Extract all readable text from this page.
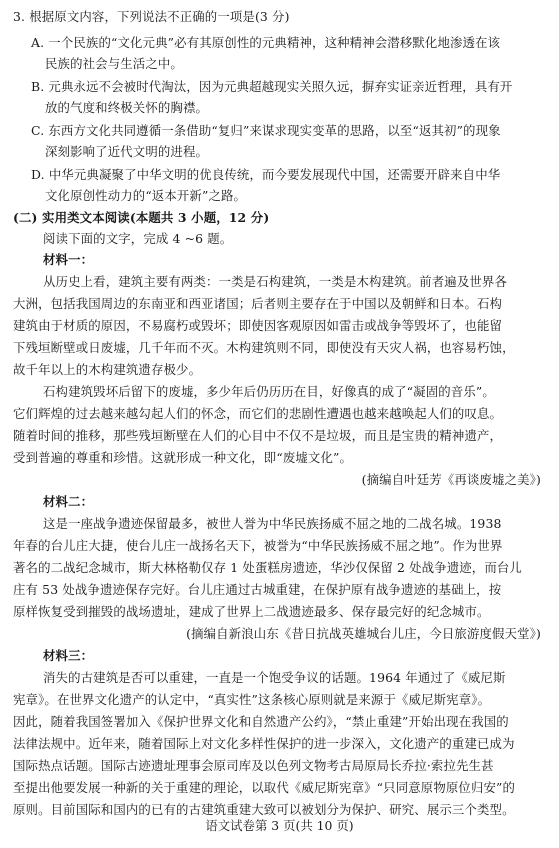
3. 根据原文内容，下列说法不正确的一项是(3 分)
A. 一个民族的“文化元典”必有其原创性的元典精神，这种精神会潜移默化地渗透在该
民族的社会与生活之中。
B. 元典永远不会被时代淘汰，因为元典超越现实关照久远，摒弃实证亲近哲理，具有开
放的气度和终极关怀的胸襟。
C. 东西方文化共同遵循一条借助“复归”来谋求现实变革的思路，以至“返其初”的现象
深刻影响了近代文明的进程。
D. 中华元典凝聚了中华文明的优良传统，而今要发展现代中国，还需要开辟来自中华
文化原创性动力的“返本开新”之路。
(二) 实用类文本阅读(本题共 3 小题，12 分)
阅读下面的文字，完成 4 ~6 题。
材料一：
从历史上看，建筑主要有两类：一类是石构建筑，一类是木构建筑。前者遍及世界各
大洲，包括我国周边的东南亚和西亚诸国；后者则主要存在于中国以及朝鲜和日本。石构
建筑由于材质的原因，不易腐朽或毁坏；即使因客观原因如雷击或战争等毁坏了，也能留
下残垣断壁或日废墟，几千年而不灭。木构建筑则不同，即使没有天灾人祸，也容易朽蚀，
故千年以上的木构建筑遗存极少。
石构建筑毁坏后留下的废墟，多少年后仍历历在目，好像真的成了“凝固的音乐”。
它们辉煌的过去越来越勾起人们的怀念，而它们的悲剧性遭遇也越来越唤起人们的叹息。
随着时间的推移，那些残垣断壁在人们的心目中不仅不是垃圾，而且是宝贵的精神遗产，
受到普遍的尊重和珍惜。这就形成一种文化，即“废墟文化”。
(摘编自叶廷芳《再谈废墟之美》)
材料二：
这是一座战争遗迹保留最多，被世人誉为中华民族扬威不屈之地的二战名城。1938
年春的台儿庄大捷，使台儿庄一战扬名天下，被誉为“中华民族扬威不屈之地”。作为世界
著名的二战纪念城市，斯大林格勒仅存 1 处蛋糕房遗迹，华沙仅保留 2 处战争遗迹，而台儿
庄有 53 处战争遗迹保存完好。台儿庄通过古城重建，在保护原有战争遗迹的基础上，按
原样恢复受到摧毁的战场遗址，建成了世界上二战遗迹最多、保存最完好的纪念城市。
(摘编自新浪山东《昔日抗战英雄城台儿庄，今日旅游度假天堂》)
材料三：
消失的古建筑是否可以重建，一直是一个饱受争议的话题。1964 年通过了《威尼斯
宪章》。在世界文化遗产的认定中，“真实性”这条核心原则就是来源于《威尼斯宪章》。
因此，随着我国签署加入《保护世界文化和自然遗产公约》，“禁止重建”开始出现在我国的
法律法规中。近年来，随着国际上对文化多样性保护的进一步深入，文化遗产的重建已成为
国际热点话题。国际古迹遗址理事会原司库及以色列文物考古局原局长乔拉·索拉先生甚
至提出他要发展一种新的关于重建的理论，以取代《威尼斯宪章》“只同意原物原位归安”的
原则。目前国际和国内的已有的古建筑重建大致可以被划分为保护、研究、展示三个类型。
语文试卷第 3 页(共 10 页)
